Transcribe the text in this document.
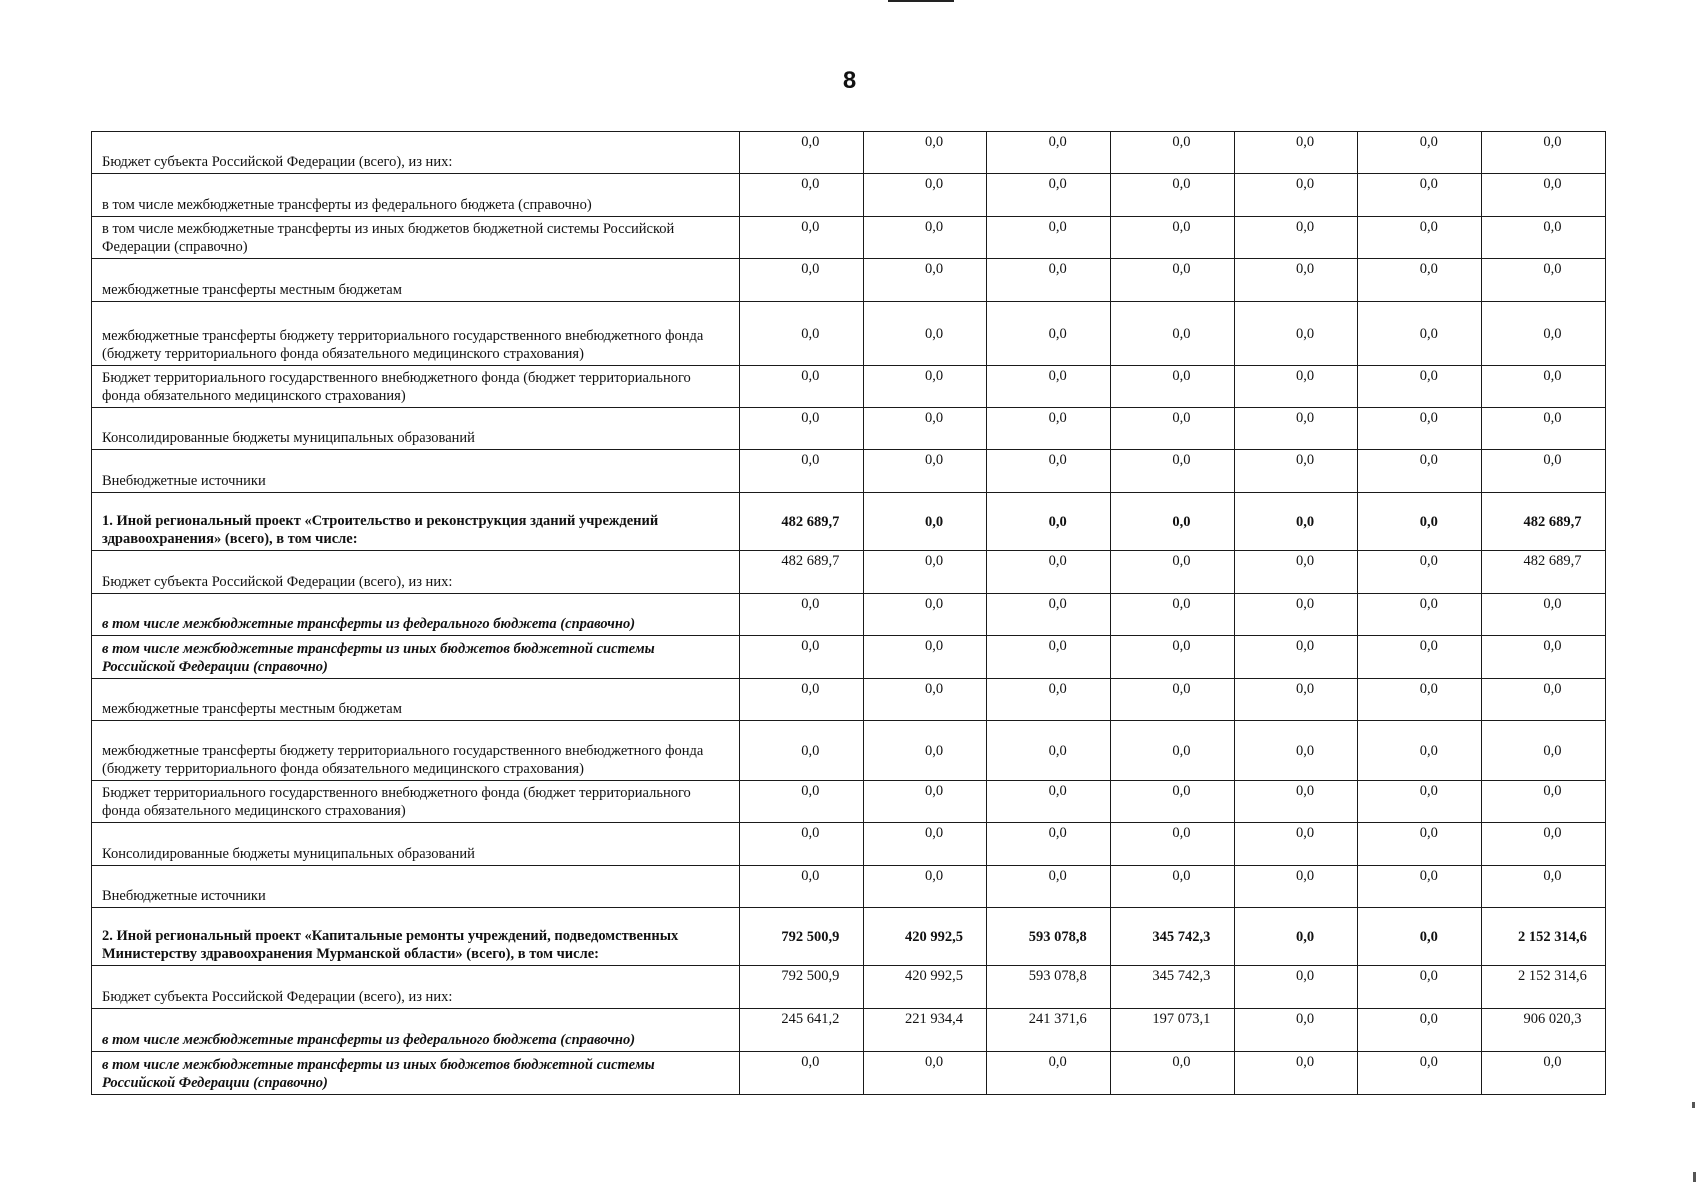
8
Бюджет субъекта Российской Федерации (всего), из них:	0,0	0,0	0,0	0,0	0,0	0,0	0,0
в том числе межбюджетные трансферты из федерального бюджета (справочно)	0,0	0,0	0,0	0,0	0,0	0,0	0,0
в том числе межбюджетные трансферты из иных бюджетов бюджетной системы Российской Федерации (справочно)	0,0	0,0	0,0	0,0	0,0	0,0	0,0
межбюджетные трансферты местным бюджетам	0,0	0,0	0,0	0,0	0,0	0,0	0,0
межбюджетные трансферты бюджету территориального государственного внебюджетного фонда (бюджету территориального фонда обязательного медицинского страхования)	0,0	0,0	0,0	0,0	0,0	0,0	0,0
Бюджет территориального государственного внебюджетного фонда (бюджет территориального фонда обязательного медицинского страхования)	0,0	0,0	0,0	0,0	0,0	0,0	0,0
Консолидированные бюджеты муниципальных образований	0,0	0,0	0,0	0,0	0,0	0,0	0,0
Внебюджетные источники	0,0	0,0	0,0	0,0	0,0	0,0	0,0
1. Иной региональный проект «Строительство и реконструкция зданий учреждений здравоохранения» (всего), в том числе:	482 689,7	0,0	0,0	0,0	0,0	0,0	482 689,7
Бюджет субъекта Российской Федерации (всего), из них:	482 689,7	0,0	0,0	0,0	0,0	0,0	482 689,7
в том числе межбюджетные трансферты из федерального бюджета (справочно)	0,0	0,0	0,0	0,0	0,0	0,0	0,0
в том числе межбюджетные трансферты из иных бюджетов бюджетной системы Российской Федерации (справочно)	0,0	0,0	0,0	0,0	0,0	0,0	0,0
межбюджетные трансферты местным бюджетам	0,0	0,0	0,0	0,0	0,0	0,0	0,0
межбюджетные трансферты бюджету территориального государственного внебюджетного фонда (бюджету территориального фонда обязательного медицинского страхования)	0,0	0,0	0,0	0,0	0,0	0,0	0,0
Бюджет территориального государственного внебюджетного фонда (бюджет территориального фонда обязательного медицинского страхования)	0,0	0,0	0,0	0,0	0,0	0,0	0,0
Консолидированные бюджеты муниципальных образований	0,0	0,0	0,0	0,0	0,0	0,0	0,0
Внебюджетные источники	0,0	0,0	0,0	0,0	0,0	0,0	0,0
2. Иной региональный проект «Капитальные ремонты учреждений, подведомственных Министерству здравоохранения Мурманской области» (всего), в том числе:	792 500,9	420 992,5	593 078,8	345 742,3	0,0	0,0	2 152 314,6
Бюджет субъекта Российской Федерации (всего), из них:	792 500,9	420 992,5	593 078,8	345 742,3	0,0	0,0	2 152 314,6
в том числе межбюджетные трансферты из федерального бюджета (справочно)	245 641,2	221 934,4	241 371,6	197 073,1	0,0	0,0	906 020,3
в том числе межбюджетные трансферты из иных бюджетов бюджетной системы Российской Федерации (справочно)	0,0	0,0	0,0	0,0	0,0	0,0	0,0
